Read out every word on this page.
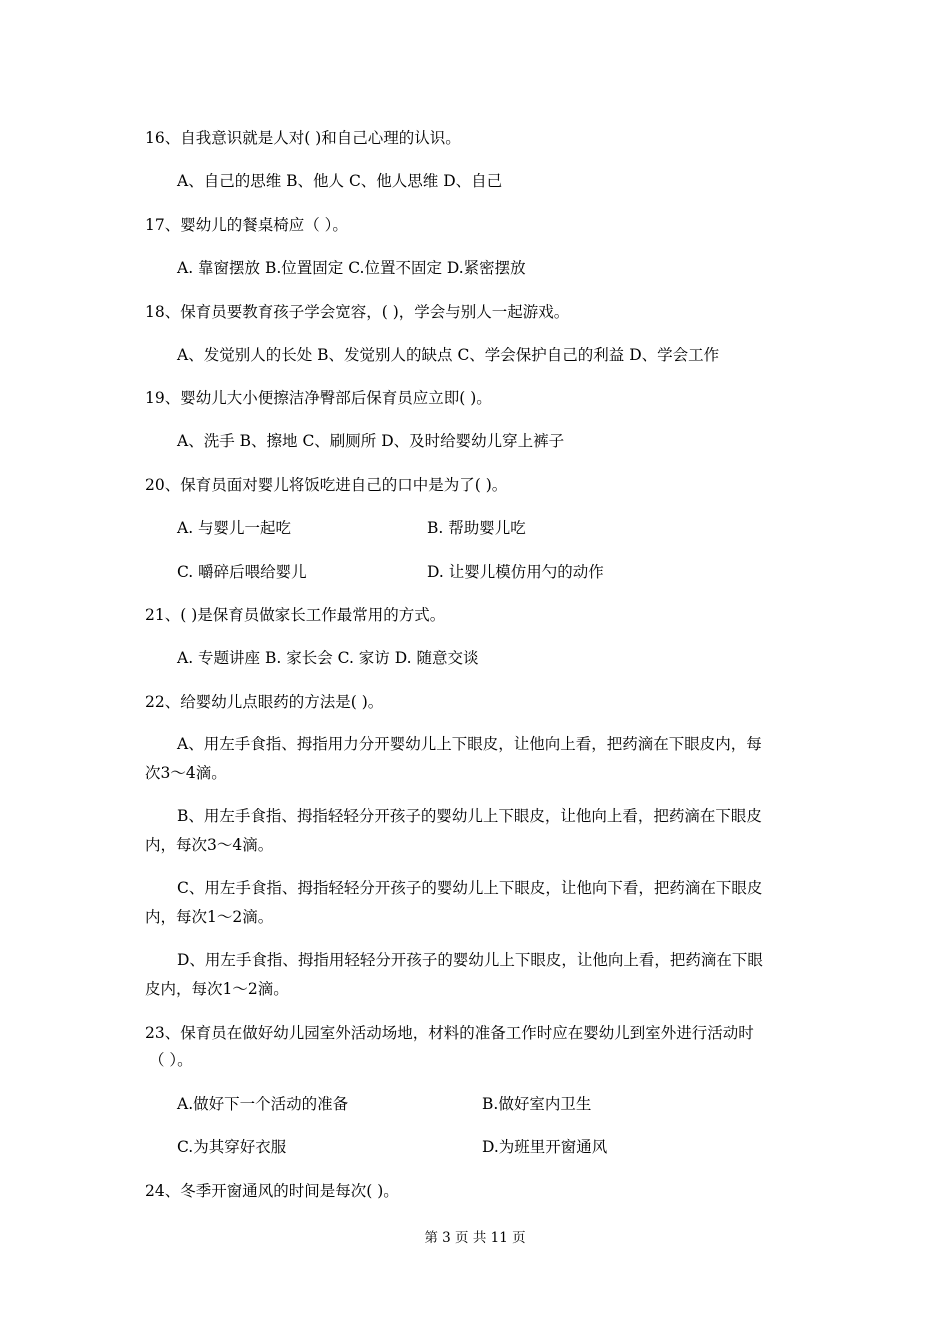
16、自我意识就是人对( )和自己心理的认识。
A、自己的思维 B、他人 C、他人思维 D、自己
17、婴幼儿的餐桌椅应（ ）。
A. 靠窗摆放 B.位置固定 C.位置不固定 D.紧密摆放
18、保育员要教育孩子学会宽容，( )，学会与别人一起游戏。
A、发觉别人的长处 B、发觉别人的缺点 C、学会保护自己的利益 D、学会工作
19、婴幼儿大小便擦洁净臀部后保育员应立即( )。
A、洗手 B、擦地 C、刷厕所 D、及时给婴幼儿穿上裤子
20、保育员面对婴儿将饭吃进自己的口中是为了( )。
A. 与婴儿一起吃	B. 帮助婴儿吃
C. 嚼碎后喂给婴儿	D. 让婴儿模仿用勺的动作
21、( )是保育员做家长工作最常用的方式。
A. 专题讲座 B. 家长会 C. 家访 D. 随意交谈
22、给婴幼儿点眼药的方法是( )。
A、用左手食指、拇指用力分开婴幼儿上下眼皮，让他向上看，把药滴在下眼皮内，每次3～4滴。
B、用左手食指、拇指轻轻分开孩子的婴幼儿上下眼皮，让他向上看，把药滴在下眼皮内，每次3～4滴。
C、用左手食指、拇指轻轻分开孩子的婴幼儿上下眼皮，让他向下看，把药滴在下眼皮内，每次1～2滴。
D、用左手食指、拇指用轻轻分开孩子的婴幼儿上下眼皮，让他向上看，把药滴在下眼皮内，每次1～2滴。
23、保育员在做好幼儿园室外活动场地，材料的准备工作时应在婴幼儿到室外进行活动时
（ ）。
A.做好下一个活动的准备	B.做好室内卫生
C.为其穿好衣服	D.为班里开窗通风
24、冬季开窗通风的时间是每次( )。
第 3 页 共 11 页
